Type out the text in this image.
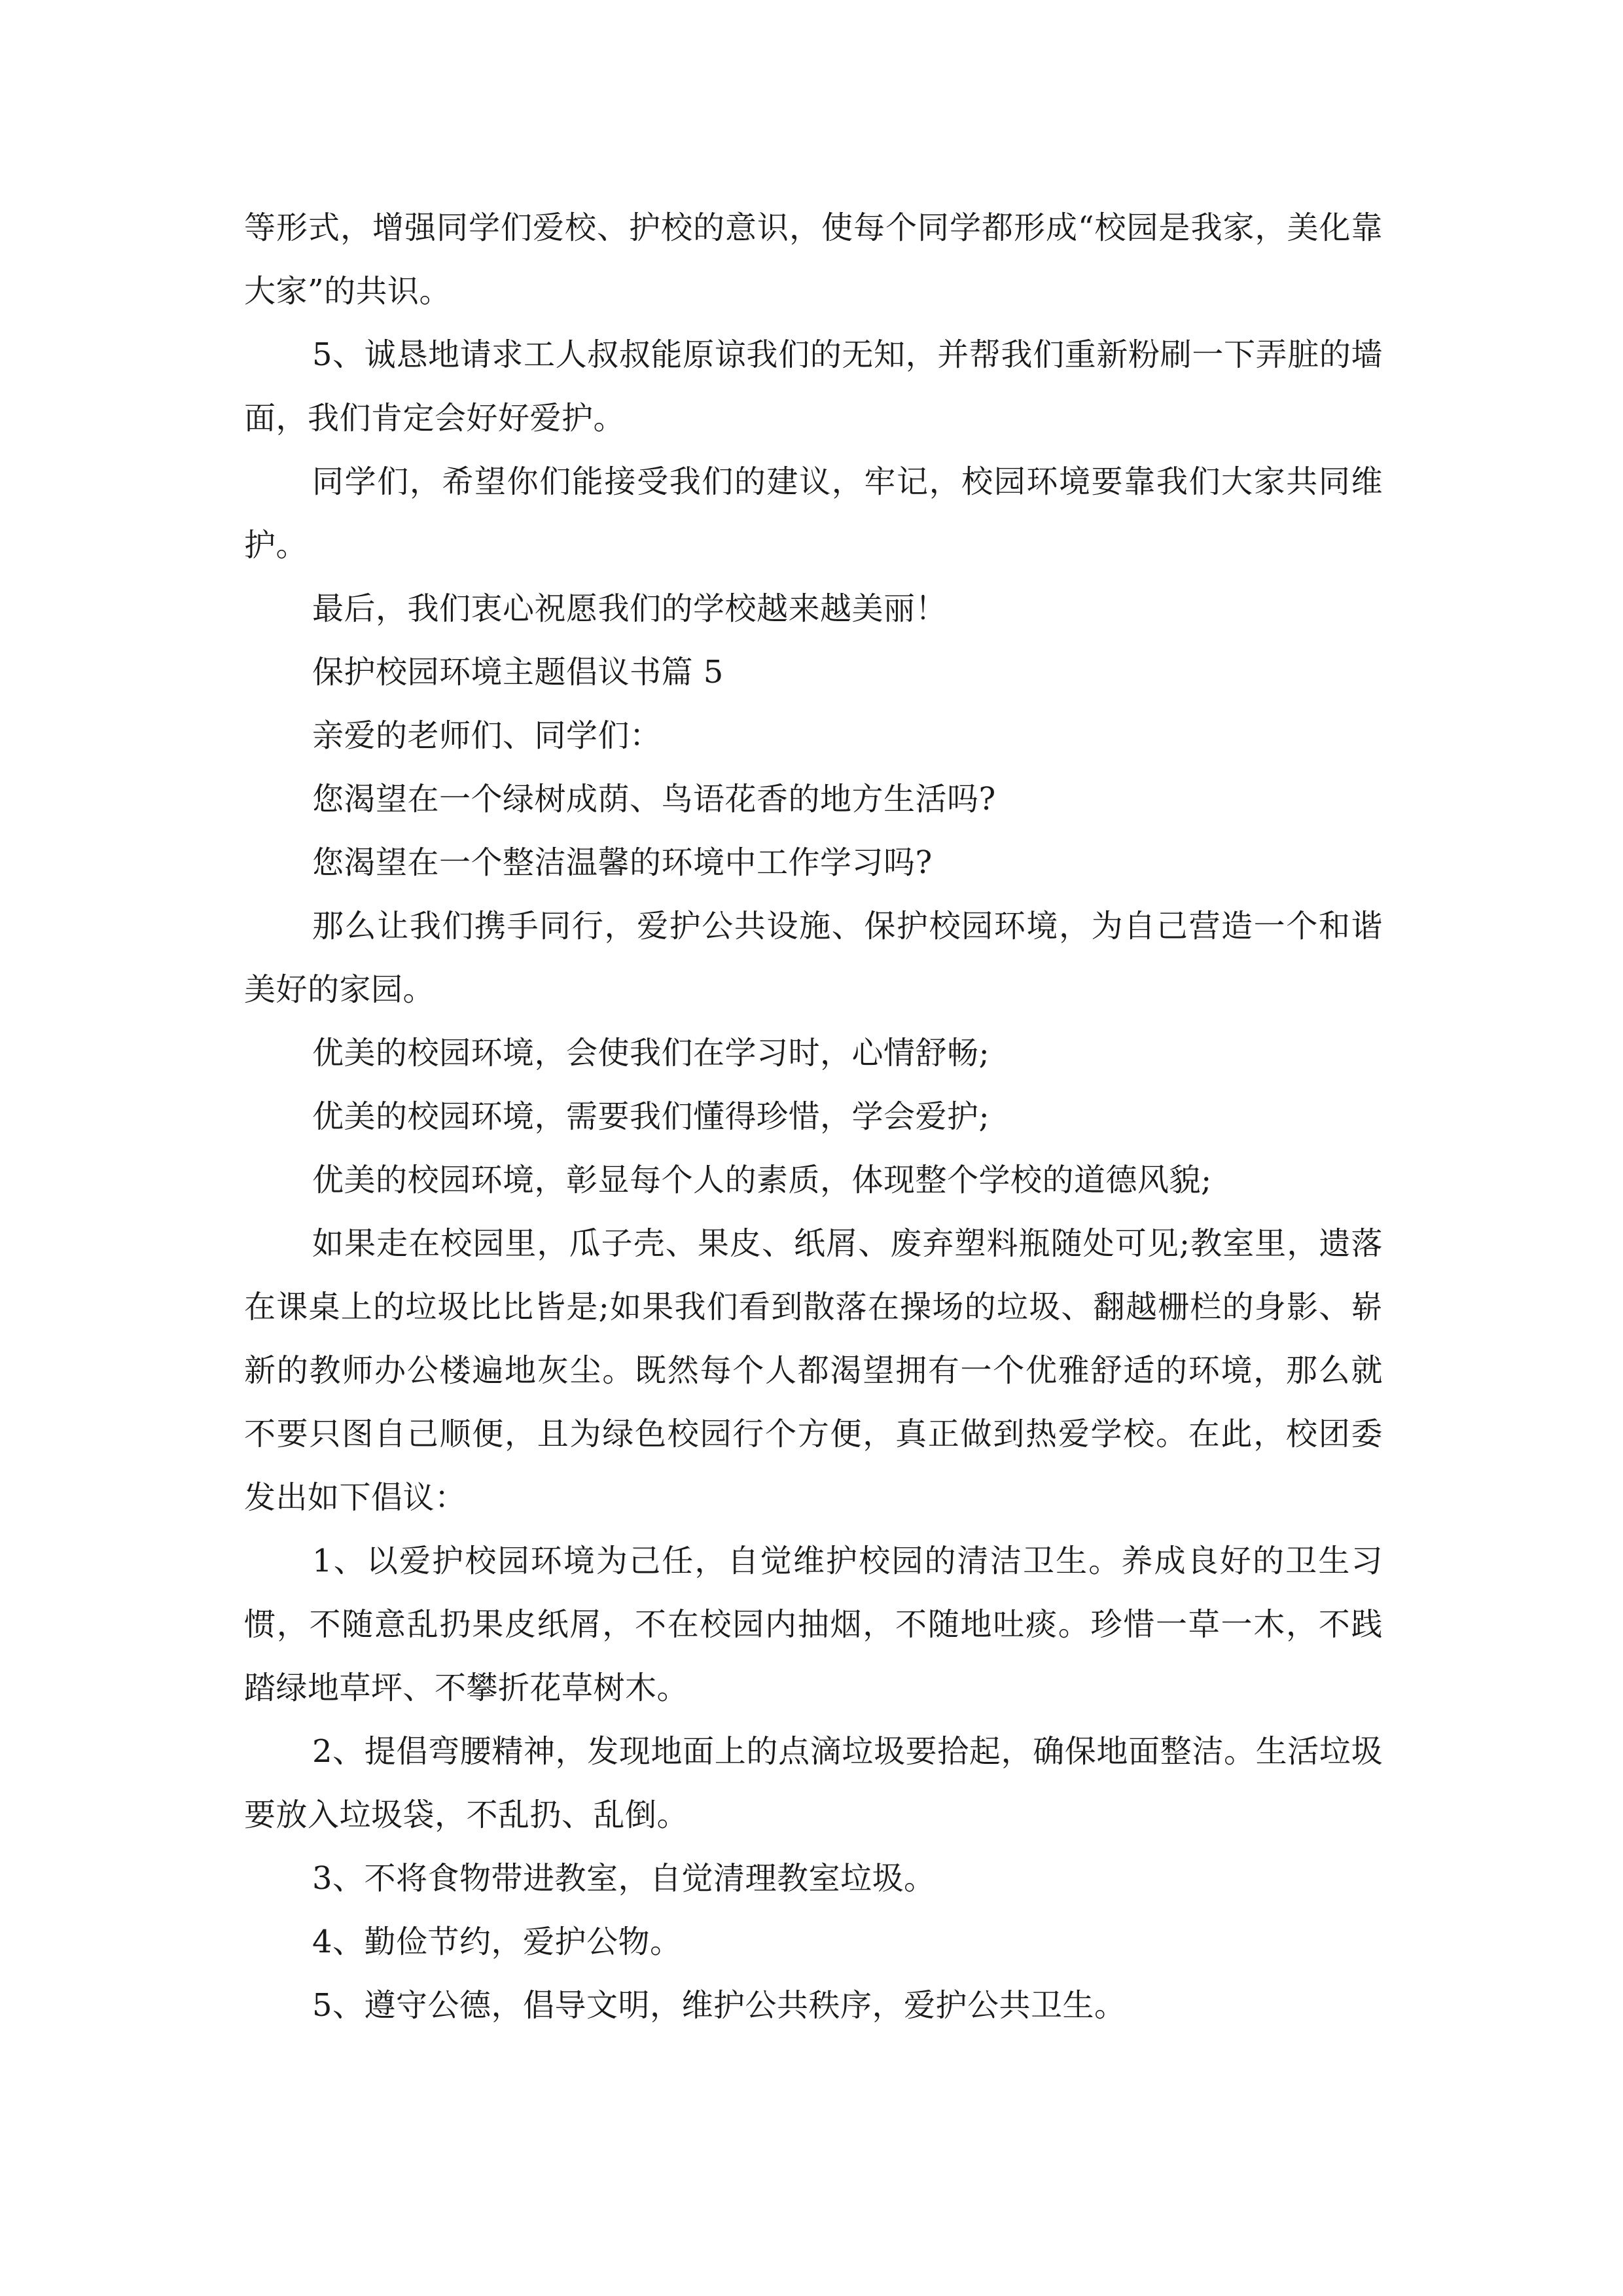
等形式，增强同学们爱校、护校的意识，使每个同学都形成“校园是我家，美化靠大家”的共识。

5、诚恳地请求工人叔叔能原谅我们的无知，并帮我们重新粉刷一下弄脏的墙面，我们肯定会好好爱护。

同学们，希望你们能接受我们的建议，牢记，校园环境要靠我们大家共同维护。

最后，我们衷心祝愿我们的学校越来越美丽！

保护校园环境主题倡议书篇 5

亲爱的老师们、同学们：

您渴望在一个绿树成荫、鸟语花香的地方生活吗?

您渴望在一个整洁温馨的环境中工作学习吗?

那么让我们携手同行，爱护公共设施、保护校园环境，为自己营造一个和谐美好的家园。

优美的校园环境，会使我们在学习时，心情舒畅;

优美的校园环境，需要我们懂得珍惜，学会爱护;

优美的校园环境，彰显每个人的素质，体现整个学校的道德风貌;

如果走在校园里，瓜子壳、果皮、纸屑、废弃塑料瓶随处可见;教室里，遗落在课桌上的垃圾比比皆是;如果我们看到散落在操场的垃圾、翻越栅栏的身影、崭新的教师办公楼遍地灰尘。既然每个人都渴望拥有一个优雅舒适的环境，那么就不要只图自己顺便，且为绿色校园行个方便，真正做到热爱学校。在此，校团委发出如下倡议：

1、以爱护校园环境为己任，自觉维护校园的清洁卫生。养成良好的卫生习惯，不随意乱扔果皮纸屑，不在校园内抽烟，不随地吐痰。珍惜一草一木，不践踏绿地草坪、不攀折花草树木。

2、提倡弯腰精神，发现地面上的点滴垃圾要拾起，确保地面整洁。生活垃圾要放入垃圾袋，不乱扔、乱倒。

3、不将食物带进教室，自觉清理教室垃圾。

4、勤俭节约，爱护公物。

5、遵守公德，倡导文明，维护公共秩序，爱护公共卫生。
